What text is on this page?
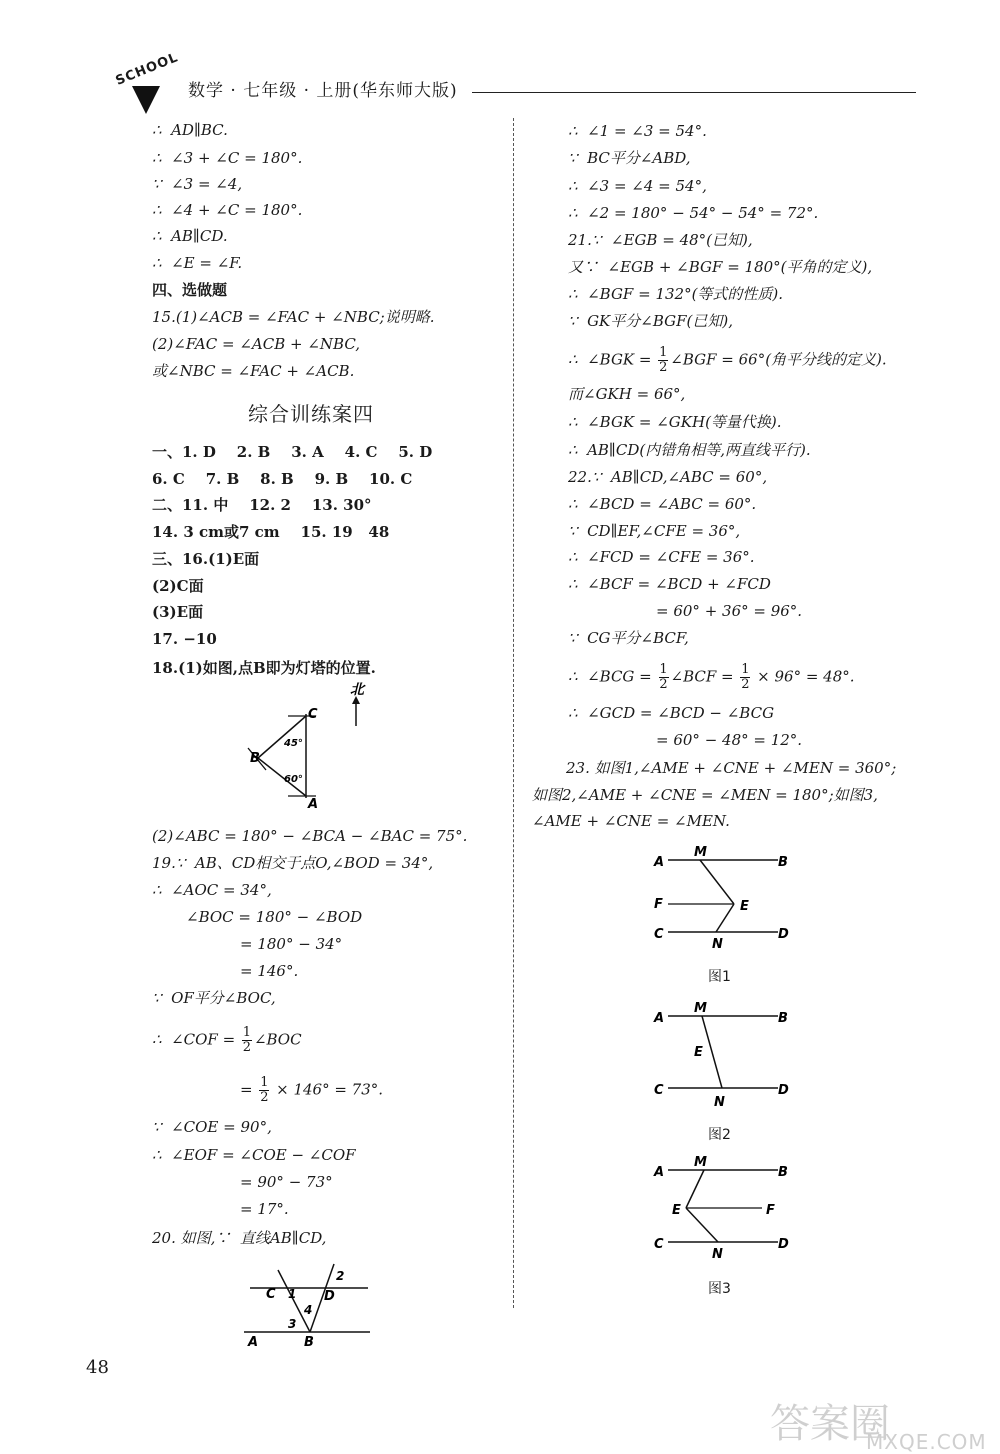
SCHOOL
数学 · 七年级 · 上册(华东师大版)
∴  AD∥BC.
∴  ∠3 + ∠C = 180°.
∵  ∠3 = ∠4,
∴  ∠4 + ∠C = 180°.
∴  AB∥CD.
∴  ∠E = ∠F.
四、选做题
15.(1)∠ACB = ∠FAC + ∠NBC;说明略.
(2)∠FAC = ∠ACB + ∠NBC,
或∠NBC = ∠FAC + ∠ACB.
综合训练案四
一、1. D    2. B    3. A    4. C    5. D
6. C    7. B    8. B    9. B    10. C
二、11. 中    12. 2    13. 30°
14. 3 cm或7 cm    15. 19   48
三、16.(1)E面
(2)C面
(3)E面
17. −10
18.(1)如图,点B即为灯塔的位置.
北
C
B
A
45°
60°
(2)∠ABC = 180° − ∠BCA − ∠BAC = 75°.
19.∵  AB、CD相交于点O,∠BOD = 34°,
∴  ∠AOC = 34°,
∠BOC = 180° − ∠BOD
= 180° − 34°
= 146°.
∵  OF平分∠BOC,
∴  ∠COF = $\frac{1}{2}$ ∠BOC
= $\frac{1}{2} \times 146^\circ = 73^\circ$.
∵  ∠COE = 90°,
∴  ∠EOF = ∠COE − ∠COF
= 90° − 73°
= 17°.
20. 如图,∵  直线AB∥CD,
C	D
A	B
1
2
3
4
48
∴  ∠1 = ∠3 = 54°.
∵  BC平分∠ABD,
∴  ∠3 = ∠4 = 54°,
∴  ∠2 = 180° − 54° − 54° = 72°.
21.∵  ∠EGB = 48°(已知),
又∵  ∠EGB + ∠BGF = 180°(平角的定义),
∴  ∠BGF = 132°(等式的性质).
∵  GK平分∠BGF(已知),
∴  ∠BGK = $\frac{1}{2}$ ∠BGF = 66°(角平分线的定义).
而∠GKH = 66°,
∴  ∠BGK = ∠GKH(等量代换).
∴  AB∥CD(内错角相等,两直线平行).
22.∵  AB∥CD,∠ABC = 60°,
∴  ∠BCD = ∠ABC = 60°.
∵  CD∥EF,∠CFE = 36°,
∴  ∠FCD = ∠CFE = 36°.
∴  ∠BCF = ∠BCD + ∠FCD
= 60° + 36° = 96°.
∵  CG平分∠BCF,
∴  ∠BCG = $\frac{1}{2}$ ∠BCF = $\frac{1}{2} \times 96^\circ = 48^\circ$.
∴  ∠GCD = ∠BCD − ∠BCG
= 60° − 48° = 12°.
23. 如图1,∠AME + ∠CNE + ∠MEN = 360°;
如图2,∠AME + ∠CNE = ∠MEN = 180°;如图3,
∠AME + ∠CNE = ∠MEN.
A	B
M
F	E
C	D
N
图1
A	B
M
E
C	D
N
图2
A	B
M
E	F
C	D
N
图3
答案圈
MXQE.COM
